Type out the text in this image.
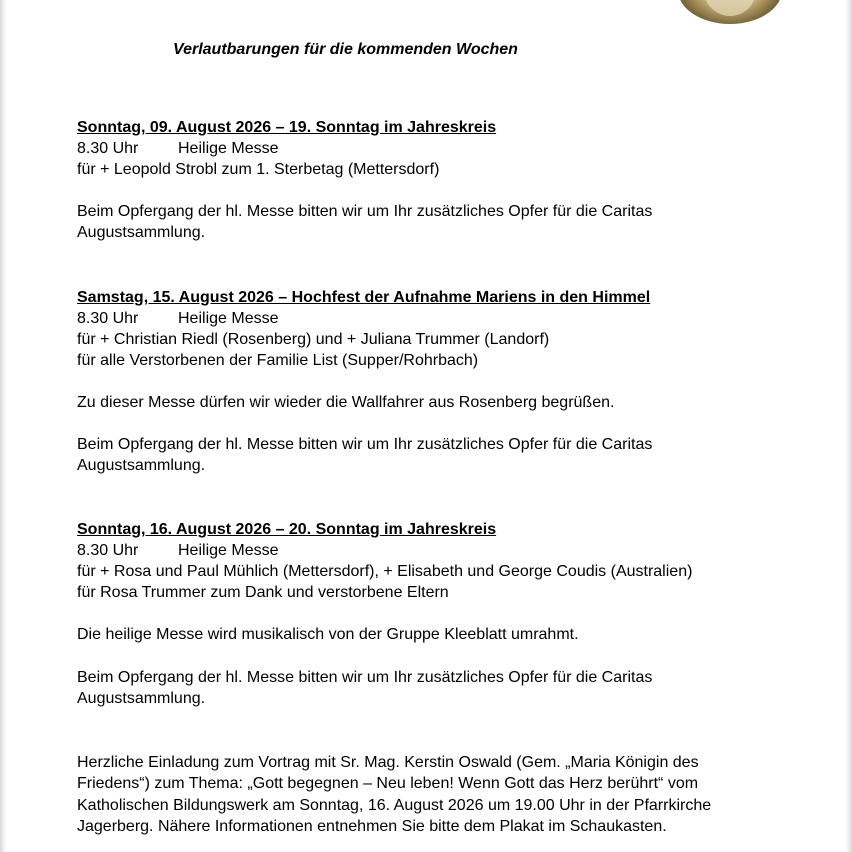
Verlautbarungen für die kommenden Wochen
Sonntag, 09. August 2026 – 19. Sonntag im Jahreskreis
8.30 Uhr Heilige Messe
für + Leopold Strobl zum 1. Sterbetag (Mettersdorf)
Beim Opfergang der hl. Messe bitten wir um Ihr zusätzliches Opfer für die Caritas
Augustsammlung.
Samstag, 15. August 2026 – Hochfest der Aufnahme Mariens in den Himmel
8.30 Uhr Heilige Messe
für + Christian Riedl (Rosenberg) und + Juliana Trummer (Landorf)
für alle Verstorbenen der Familie List (Supper/Rohrbach)
Zu dieser Messe dürfen wir wieder die Wallfahrer aus Rosenberg begrüßen.
Beim Opfergang der hl. Messe bitten wir um Ihr zusätzliches Opfer für die Caritas
Augustsammlung.
Sonntag, 16. August 2026 – 20. Sonntag im Jahreskreis
8.30 Uhr Heilige Messe
für + Rosa und Paul Mühlich (Mettersdorf), + Elisabeth und George Coudis (Australien)
für Rosa Trummer zum Dank und verstorbene Eltern
Die heilige Messe wird musikalisch von der Gruppe Kleeblatt umrahmt.
Beim Opfergang der hl. Messe bitten wir um Ihr zusätzliches Opfer für die Caritas
Augustsammlung.
Herzliche Einladung zum Vortrag mit Sr. Mag. Kerstin Oswald (Gem. „Maria Königin des
Friedens“) zum Thema: „Gott begegnen – Neu leben! Wenn Gott das Herz berührt“ vom
Katholischen Bildungswerk am Sonntag, 16. August 2026 um 19.00 Uhr in der Pfarrkirche
Jagerberg. Nähere Informationen entnehmen Sie bitte dem Plakat im Schaukasten.
